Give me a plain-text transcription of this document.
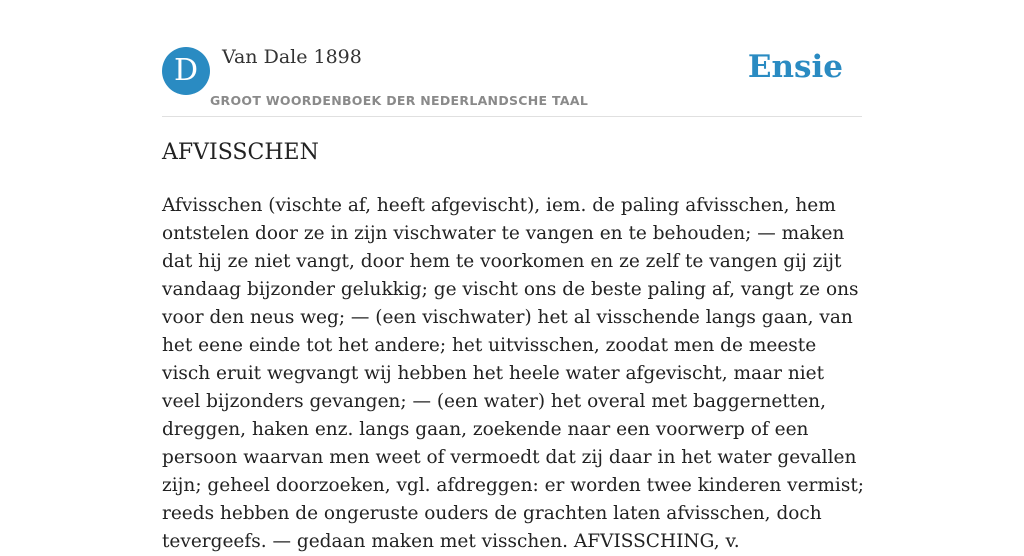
D	Van Dale 1898
GROOT WOORDENBOEK DER NEDERLANDSCHE TAAL
Ensie
AFVISSCHEN

Afvisschen (vischte af, heeft afgevischt), iem. de paling afvisschen, hem ontstelen door ze in zijn vischwater te vangen en te behouden; — maken dat hij ze niet vangt, door hem te voorkomen en ze zelf te vangen gij zijt vandaag bijzonder gelukkig; ge vischt ons de beste paling af, vangt ze ons voor den neus weg; — (een vischwater) het al visschende langs gaan, van het eene einde tot het andere; het uitvisschen, zoodat men de meeste visch eruit wegvangt wij hebben het heele water afgevischt, maar niet veel bijzonders gevangen; — (een water) het overal met baggernetten, dreggen, haken enz. langs gaan, zoekende naar een voorwerp of een persoon waarvan men weet of vermoedt dat zij daar in het water gevallen zijn; geheel doorzoeken, vgl. afdreggen: er worden twee kinderen vermist; reeds hebben de ongeruste ouders de grachten laten afvisschen, doch tevergeefs. — gedaan maken met visschen. AFVISSCHING, v.
